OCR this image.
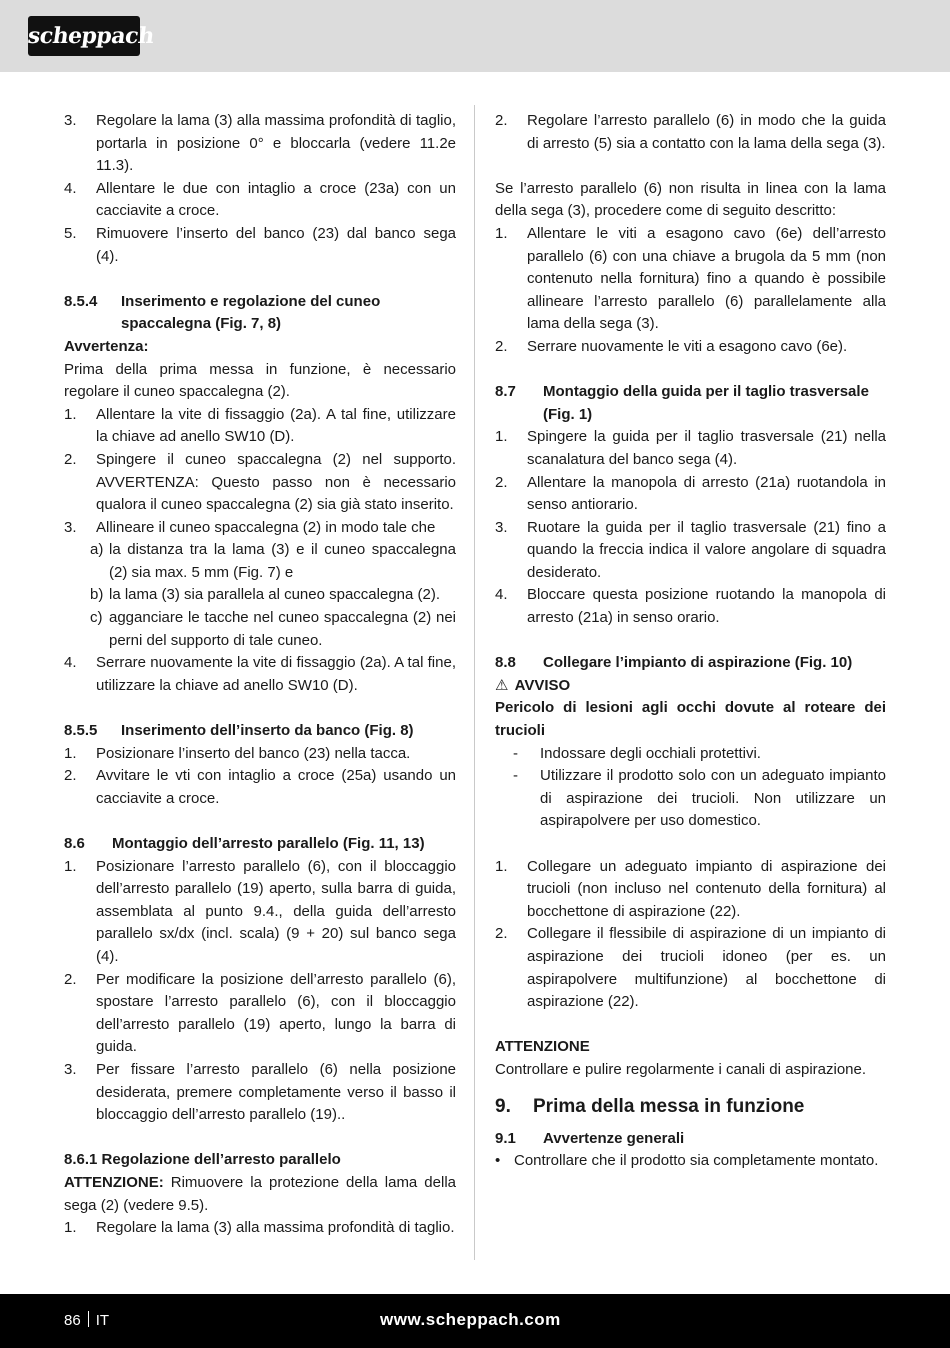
scheppach
3.	Regolare la lama (3) alla massima profondità di taglio, portarla in posizione 0° e bloccarla (vedere 11.2e 11.3).
4.	Allentare le due con intaglio a croce (23a) con un cacciavite a croce.
5.	Rimuovere l’inserto del banco (23) dal banco sega (4).
8.5.4	Inserimento e regolazione del cuneo spaccalegna (Fig. 7, 8)
Avvertenza:
Prima della prima messa in funzione, è necessario regolare il cuneo spaccalegna (2).
1.	Allentare la vite di fissaggio (2a). A tal fine, utilizzare la chiave ad anello SW10 (D).
2.	Spingere il cuneo spaccalegna (2) nel supporto. AVVERTENZA: Questo passo non è necessario qualora il cuneo spaccalegna (2) sia già stato inserito.
3.	Allineare il cuneo spaccalegna (2) in modo tale che
a) la distanza tra la lama (3) e il cuneo spaccalegna (2) sia max. 5 mm (Fig. 7) e
b) la lama (3) sia parallela al cuneo spaccalegna (2).
c) agganciare le tacche nel cuneo spaccalegna (2) nei perni del supporto di tale cuneo.
4.	Serrare nuovamente la vite di fissaggio (2a). A tal fine, utilizzare la chiave ad anello SW10 (D).
8.5.5	Inserimento dell’inserto da banco (Fig. 8)
1.	Posizionare l’inserto del banco (23) nella tacca.
2.	Avvitare le vti con intaglio a croce (25a) usando un cacciavite a croce.
8.6	Montaggio dell’arresto parallelo (Fig. 11, 13)
1.	Posizionare l’arresto parallelo (6), con il bloccaggio dell’arresto parallelo (19) aperto, sulla barra di guida, assemblata al punto 9.4., della guida dell’arresto parallelo sx/dx (incl. scala) (9 + 20) sul banco sega (4).
2.	Per modificare la posizione dell’arresto parallelo (6), spostare l’arresto parallelo (6), con il bloccaggio dell’arresto parallelo (19) aperto, lungo la barra di guida.
3.	Per fissare l’arresto parallelo (6) nella posizione desiderata, premere completamente verso il basso il bloccaggio dell’arresto parallelo (19)..
8.6.1 Regolazione dell’arresto parallelo
ATTENZIONE: Rimuovere la protezione della lama della sega (2) (vedere 9.5).
1.	Regolare la lama (3) alla massima profondità di taglio.
2.	Regolare l’arresto parallelo (6) in modo che la guida di arresto (5) sia a contatto con la lama della sega (3).
Se l’arresto parallelo (6) non risulta in linea con la lama della sega (3), procedere come di seguito descritto:
1.	Allentare le viti a esagono cavo (6e) dell’arresto parallelo (6) con una chiave a brugola da 5 mm (non contenuto nella fornitura) fino a quando è possibile allineare l’arresto parallelo (6) parallelamente alla lama della sega (3).
2.	Serrare nuovamente le viti a esagono cavo (6e).
8.7	Montaggio della guida per il taglio trasversale (Fig. 1)
1.	Spingere la guida per il taglio trasversale (21) nella scanalatura del banco sega (4).
2.	Allentare la manopola di arresto (21a) ruotandola in senso antiorario.
3.	Ruotare la guida per il taglio trasversale (21) fino a quando la freccia indica il valore angolare di squadra desiderato.
4.	Bloccare questa posizione ruotando la manopola di arresto (21a) in senso orario.
8.8	Collegare l’impianto di aspirazione (Fig. 10)
⚠ AVVISO
Pericolo di lesioni agli occhi dovute al roteare dei trucioli
-	Indossare degli occhiali protettivi.
-	Utilizzare il prodotto solo con un adeguato impianto di aspirazione dei trucioli. Non utilizzare un aspirapolvere per uso domestico.
1.	Collegare un adeguato impianto di aspirazione dei trucioli (non incluso nel contenuto della fornitura) al bocchettone di aspirazione (22).
2.	Collegare il flessibile di aspirazione di un impianto di aspirazione dei trucioli idoneo (per es. un aspirapolvere multifunzione) al bocchettone di aspirazione (22).
ATTENZIONE
Controllare e pulire regolarmente i canali di aspirazione.
9.	Prima della messa in funzione
9.1	Avvertenze generali
• Controllare che il prodotto sia completamente montato.
86 IT	www.scheppach.com
